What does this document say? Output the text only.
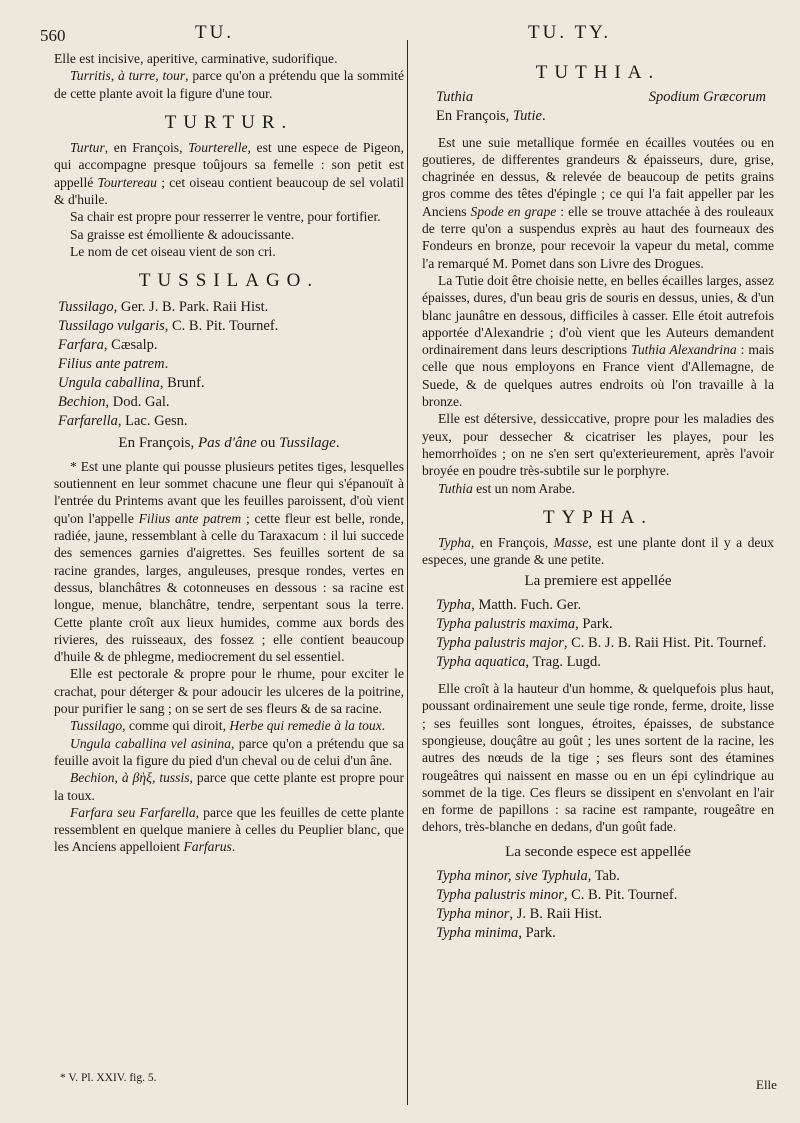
560	TU.	TU. TY.

Elle est incisive, aperitive, carminative, sudorifique.

Turritis, à turre, tour, parce qu'on a prétendu que la sommité de cette plante avoit la figure d'une tour.

TURTUR.

Turtur, en François, Tourterelle, est une espece de Pigeon, qui accompagne presque toûjours sa femelle : son petit est appellé Tourtereau ; cet oiseau contient beaucoup de sel volatil & d'huile.

Sa chair est propre pour resserrer le ventre, pour fortifier.

Sa graisse est émolliente & adoucissante.

Le nom de cet oiseau vient de son cri.

TUSSILAGO.
Tussilago, Ger. J. B. Park. Raii Hist.
Tussilago vulgaris, C. B. Pit. Tournef.
Farfara, Cæsalp.
Filius ante patrem.
Ungula caballina, Brunf.
Bechion, Dod. Gal.
Farfarella, Lac. Gesn.
En François, Pas d'âne ou Tussilage.

* Est une plante qui pousse plusieurs petites tiges, lesquelles soutiennent en leur sommet chacune une fleur qui s'épanouït à l'entrée du Printems avant que les feuilles paroissent, d'où vient qu'on l'appelle Filius ante patrem ; cette fleur est belle, ronde, radiée, jaune, ressemblant à celle du Taraxacum : il lui succede des semences garnies d'aigrettes. Ses feuilles sortent de sa racine grandes, larges, anguleuses, presque rondes, vertes en dessus, blanchâtres & cotonneuses en dessous : sa racine est longue, menue, blanchâtre, tendre, serpentant sous la terre. Cette plante croît aux lieux humides, comme aux bords des rivieres, des ruisseaux, des fossez ; elle contient beaucoup d'huile & de phlegme, mediocrement du sel essentiel.

Elle est pectorale & propre pour le rhume, pour exciter le crachat, pour déterger & pour adoucir les ulceres de la poitrine, pour purifier le sang ; on se sert de ses fleurs & de sa racine.

Tussilago, comme qui diroit, Herbe qui remedie à la toux.

Ungula caballina vel asinina, parce qu'on a prétendu que sa feuille avoit la figure du pied d'un cheval ou de celui d'un âne.

Bechion, à βὴξ, tussis, parce que cette plante est propre pour la toux.

Farfara seu Farfarella, parce que les feuilles de cette plante ressemblent en quelque maniere à celles du Peuplier blanc, que les Anciens appelloient Farfarus.

* V. Pl. XXIV. fig. 5.
TUTHIA.
Tuthia	Spodium Græcorum
En François, Tutie.

Est une suie metallique formée en écailles voutées ou en goutieres, de differentes grandeurs & épaisseurs, dure, grise, chagrinée en dessus, & relevée de beaucoup de petits grains gros comme des têtes d'épingle ; ce qui l'a fait appeller par les Anciens Spode en grape : elle se trouve attachée à des rouleaux de terre qu'on a suspendus exprès au haut des fourneaux des Fondeurs en bronze, pour recevoir la vapeur du metal, comme l'a remarqué M. Pomet dans son Livre des Drogues.

La Tutie doit être choisie nette, en belles écailles larges, assez épaisses, dures, d'un beau gris de souris en dessus, unies, & d'un blanc jaunâtre en dessous, difficiles à casser. Elle étoit autrefois apportée d'Alexandrie ; d'où vient que les Auteurs demandent ordinairement dans leurs descriptions Tuthia Alexandrina : mais celle que nous employons en France vient d'Allemagne, de Suede, & de quelques autres endroits où l'on travaille à la bronze.

Elle est détersive, dessiccative, propre pour les maladies des yeux, pour dessecher & cicatriser les playes, pour les hemorrhoïdes ; on ne s'en sert qu'exterieurement, après l'avoir broyée en poudre très-subtile sur le porphyre.

Tuthia est un nom Arabe.

TYPHA.

Typha, en François, Masse, est une plante dont il y a deux especes, une grande & une petite.

La premiere est appellée
Typha, Matth. Fuch. Ger.
Typha palustris maxima, Park.
Typha palustris major, C. B. J. B. Raii Hist. Pit. Tournef.
Typha aquatica, Trag. Lugd.

Elle croît à la hauteur d'un homme, & quelquefois plus haut, poussant ordinairement une seule tige ronde, ferme, droite, lisse ; ses feuilles sont longues, étroites, épaisses, de substance spongieuse, douçâtre au goût ; les unes sortent de la racine, les autres des nœuds de la tige ; ses fleurs sont des étamines rougeâtres qui naissent en masse ou en un épi cylindrique au sommet de la tige. Ces fleurs se dissipent en s'envolant en l'air en forme de papillons : sa racine est rampante, rougeâtre en dehors, très-blanche en dedans, d'un goût fade.

La seconde espece est appellée
Typha minor, sive Typhula, Tab.
Typha palustris minor, C. B. Pit. Tournef.
Typha minor, J. B. Raii Hist.
Typha minima, Park.
Elle
